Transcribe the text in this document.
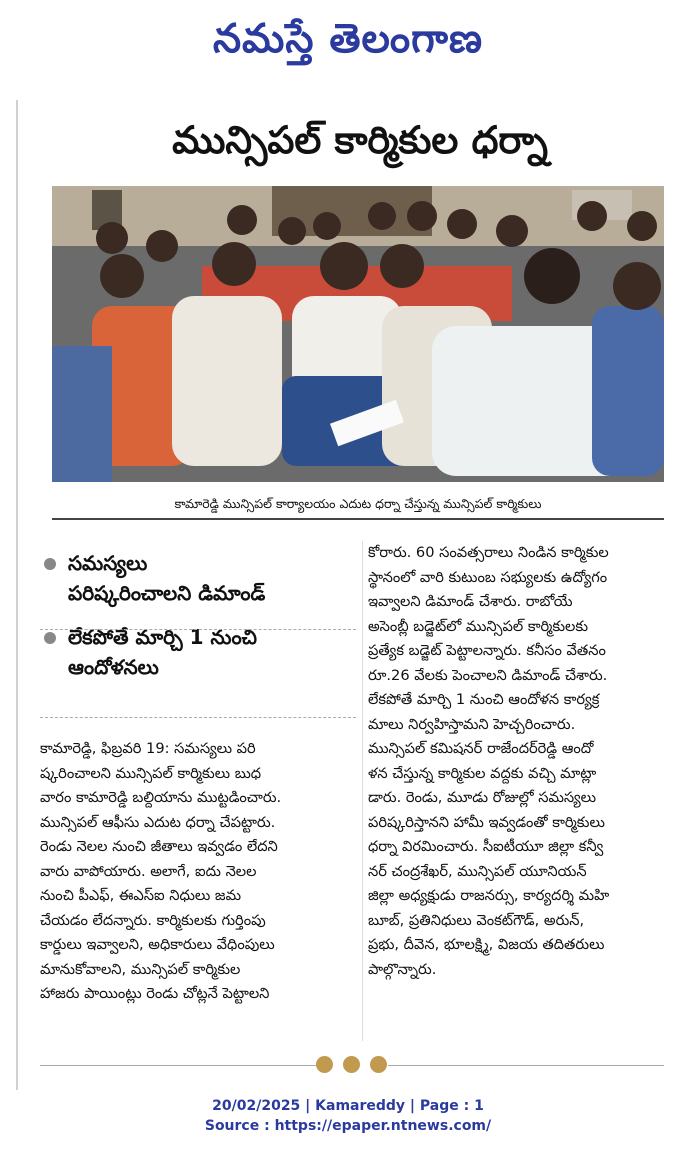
నమస్తే తెలంగాణ
మున్సిపల్ కార్మికుల ధర్నా
కామారెడ్డి మున్సిపల్ కార్యాలయం ఎదుట ధర్నా చేస్తున్న మున్సిపల్ కార్మికులు
సమస్యలు
పరిష్కరించాలని డిమాండ్
లేకపోతే మార్చి 1 నుంచి
ఆందోళనలు
కామారెడ్డి, ఫిబ్రవరి 19: సమస్యలు పరి
ష్కరించాలని మున్సిపల్ కార్మికులు బుధ
వారం కామారెడ్డి బల్దియాను ముట్టడించారు.
మున్సిపల్ ఆఫీసు ఎదుట ధర్నా చేపట్టారు.
రెండు నెలల నుంచి జీతాలు ఇవ్వడం లేదని
వారు వాపోయారు. అలాగే, ఐదు నెలల
నుంచి పీఎఫ్, ఈఎస్ఐ నిధులు జమ
చేయడం లేదన్నారు. కార్మికులకు గుర్తింపు
కార్డులు ఇవ్వాలని, అధికారులు వేధింపులు
మానుకోవాలని, మున్సిపల్ కార్మికుల
హాజరు పాయింట్లు రెండు చోట్లనే పెట్టాలని
కోరారు. 60 సంవత్సరాలు నిండిన కార్మికుల
స్థానంలో వారి కుటుంబ సభ్యులకు ఉద్యోగం
ఇవ్వాలని డిమాండ్ చేశారు. రాబోయే
అసెంబ్లీ బడ్జెట్‌లో మున్సిపల్ కార్మికులకు
ప్రత్యేక బడ్జెట్ పెట్టాలన్నారు. కనీసం వేతనం
రూ.26 వేలకు పెంచాలని డిమాండ్ చేశారు.
లేకపోతే మార్చి 1 నుంచి ఆందోళన కార్యక్ర
మాలు నిర్వహిస్తామని హెచ్చరించారు.
మున్సిపల్ కమిషనర్ రాజేందర్‌రెడ్డి ఆందో
ళన చేస్తున్న కార్మికుల వద్దకు వచ్చి మాట్లా
డారు. రెండు, మూడు రోజుల్లో సమస్యలు
పరిష్కరిస్తానని హామీ ఇవ్వడంతో కార్మికులు
ధర్నా విరమించారు. సీఐటీయూ జిల్లా కన్వీ
నర్ చంద్రశేఖర్, మున్సిపల్ యూనియన్
జిల్లా అధ్యక్షుడు రాజనర్సు, కార్యదర్శి మహి
బూబ్, ప్రతినిధులు వెంకట్‌గౌడ్, అరున్,
ప్రభు, దీవెన, భూలక్ష్మి, విజయ తదితరులు
పాల్గొన్నారు.
20/02/2025 | Kamareddy | Page : 1
Source : https://epaper.ntnews.com/
